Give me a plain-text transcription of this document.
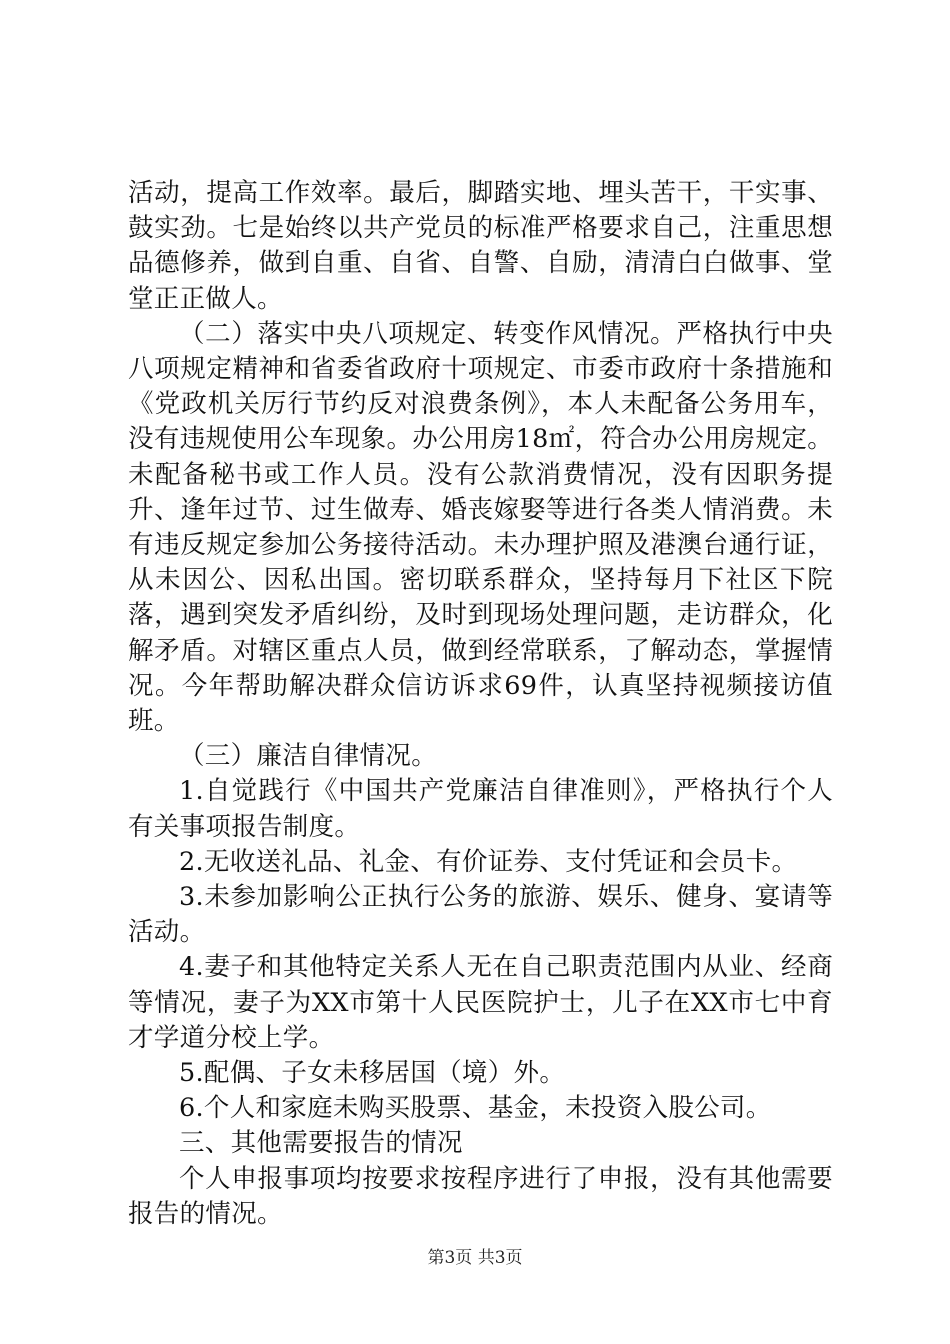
活动，提高工作效率。最后，脚踏实地、埋头苦干，干实事、鼓实劲。七是始终以共产党员的标准严格要求自己，注重思想品德修养，做到自重、自省、自警、自励，清清白白做事、堂堂正正做人。

（二）落实中央八项规定、转变作风情况。严格执行中央八项规定精神和省委省政府十项规定、市委市政府十条措施和《党政机关厉行节约反对浪费条例》，本人未配备公务用车，没有违规使用公车现象。办公用房18㎡，符合办公用房规定。未配备秘书或工作人员。没有公款消费情况，没有因职务提升、逢年过节、过生做寿、婚丧嫁娶等进行各类人情消费。未有违反规定参加公务接待活动。未办理护照及港澳台通行证，从未因公、因私出国。密切联系群众，坚持每月下社区下院落，遇到突发矛盾纠纷，及时到现场处理问题，走访群众，化解矛盾。对辖区重点人员，做到经常联系，了解动态，掌握情况。今年帮助解决群众信访诉求69件，认真坚持视频接访值班。

（三）廉洁自律情况。

1.自觉践行《中国共产党廉洁自律准则》，严格执行个人有关事项报告制度。

2.无收送礼品、礼金、有价证券、支付凭证和会员卡。

3.未参加影响公正执行公务的旅游、娱乐、健身、宴请等活动。

4.妻子和其他特定关系人无在自己职责范围内从业、经商等情况，妻子为XX市第十人民医院护士，儿子在XX市七中育才学道分校上学。

5.配偶、子女未移居国（境）外。

6.个人和家庭未购买股票、基金，未投资入股公司。

三、其他需要报告的情况

个人申报事项均按要求按程序进行了申报，没有其他需要报告的情况。

第3页 共3页
